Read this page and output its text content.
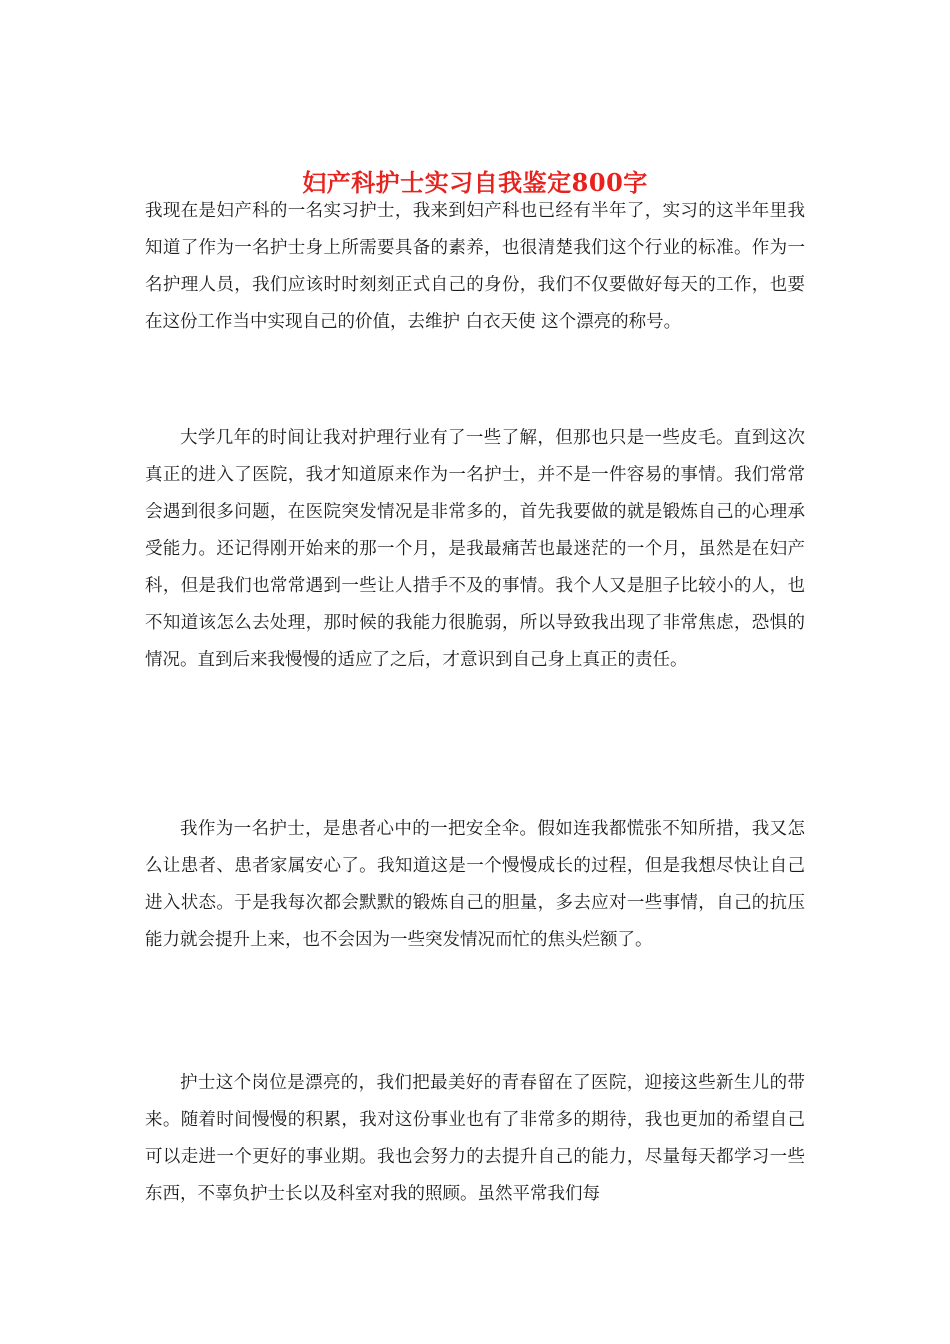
妇产科护士实习自我鉴定800字

我现在是妇产科的一名实习护士，我来到妇产科也已经有半年了，实习的这半年里我知道了作为一名护士身上所需要具备的素养，也很清楚我们这个行业的标准。作为一名护理人员，我们应该时时刻刻正式自己的身份，我们不仅要做好每天的工作，也要在这份工作当中实现自己的价值，去维护 白衣天使 这个漂亮的称号。

大学几年的时间让我对护理行业有了一些了解，但那也只是一些皮毛。直到这次真正的进入了医院，我才知道原来作为一名护士，并不是一件容易的事情。我们常常会遇到很多问题，在医院突发情况是非常多的，首先我要做的就是锻炼自己的心理承受能力。还记得刚开始来的那一个月，是我最痛苦也最迷茫的一个月，虽然是在妇产科，但是我们也常常遇到一些让人措手不及的事情。我个人又是胆子比较小的人，也不知道该怎么去处理，那时候的我能力很脆弱，所以导致我出现了非常焦虑，恐惧的情况。直到后来我慢慢的适应了之后，才意识到自己身上真正的责任。

我作为一名护士，是患者心中的一把安全伞。假如连我都慌张不知所措，我又怎么让患者、患者家属安心了。我知道这是一个慢慢成长的过程，但是我想尽快让自己进入状态。于是我每次都会默默的锻炼自己的胆量，多去应对一些事情，自己的抗压能力就会提升上来，也不会因为一些突发情况而忙的焦头烂额了。

护士这个岗位是漂亮的，我们把最美好的青春留在了医院，迎接这些新生儿的带来。随着时间慢慢的积累，我对这份事业也有了非常多的期待，我也更加的希望自己可以走进一个更好的事业期。我也会努力的去提升自己的能力，尽量每天都学习一些东西，不辜负护士长以及科室对我的照顾。虽然平常我们每
